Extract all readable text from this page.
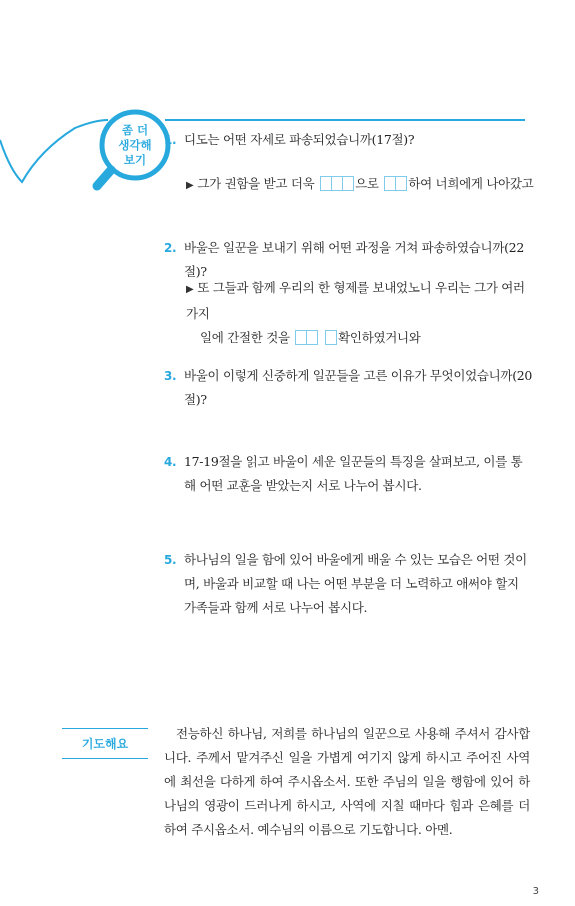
좀 더
생각해
보기
1. 디도는 어떤 자세로 파송되었습니까(17절)?
▶ 그가 권함을 받고 더욱	으로 하여 너희에게 나아갔고
2. 바울은 일꾼을 보내기 위해 어떤 과정을 거쳐 파송하였습니까(22절)?
▶ 또 그들과 함께 우리의 한 형제를 보내었노니 우리는 그가 여러 가지
일에 간절한 것을	확인하였거니와
3. 바울이 이렇게 신중하게 일꾼들을 고른 이유가 무엇이었습니까(20절)?
4. 17-19절을 읽고 바울이 세운 일꾼들의 특징을 살펴보고, 이를 통해 어떤 교훈을 받았는지 서로 나누어 봅시다.
5. 하나님의 일을 함에 있어 바울에게 배울 수 있는 모습은 어떤 것이며, 바울과 비교할 때 나는 어떤 부분을 더 노력하고 애써야 할지 가족들과 함께 서로 나누어 봅시다.
기도해요
전능하신 하나님, 저희를 하나님의 일꾼으로 사용해 주셔서 감사합니다. 주께서 맡겨주신 일을 가볍게 여기지 않게 하시고 주어진 사역에 최선을 다하게 하여 주시옵소서. 또한 주님의 일을 행함에 있어 하나님의 영광이 드러나게 하시고, 사역에 지칠 때마다 힘과 은혜를 더하여 주시옵소서. 예수님의 이름으로 기도합니다. 아멘.
3
